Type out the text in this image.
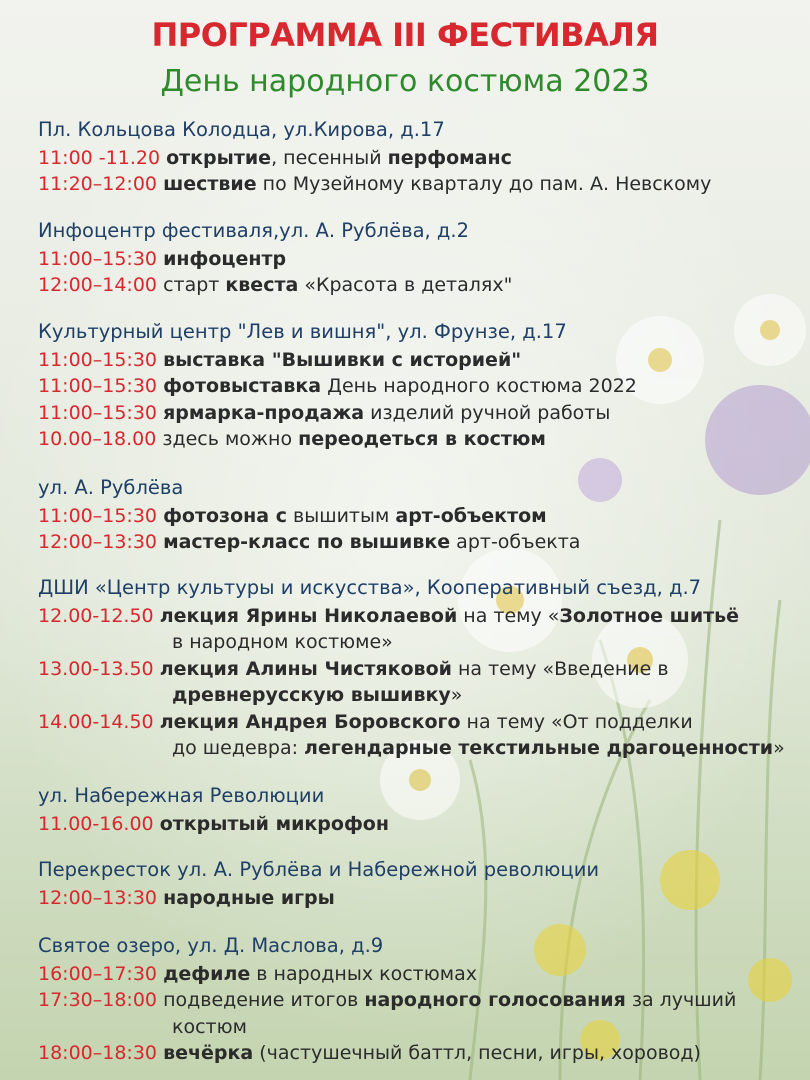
ПРОГРАММА III ФЕСТИВАЛЯ
День народного костюма 2023
Пл. Кольцова Колодца, ул.Кирова, д.17
11:00 -11.20 открытие, песенный перфоманс
11:20–12:00 шествие по Музейному кварталу до пам. А. Невскому
Инфоцентр фестиваля,ул. А. Рублёва, д.2
11:00–15:30 инфоцентр
12:00–14:00 старт квеста «Красота в деталях"
Культурный центр "Лев и вишня", ул. Фрунзе, д.17
11:00–15:30 выставка "Вышивки с историей"
11:00–15:30 фотовыставка День народного костюма 2022
11:00–15:30 ярмарка-продажа изделий ручной работы
10.00–18.00 здесь можно переодеться в костюм
ул. А. Рублёва
11:00–15:30 фотозона с вышитым арт-объектом
12:00–13:30 мастер-класс по вышивке арт-объекта
ДШИ «Центр культуры и искусства», Кооперативный съезд, д.7
12.00-12.50 лекция Ярины Николаевой на тему «Золотное шитьё
в народном костюме»
13.00-13.50 лекция Алины Чистяковой на тему «Введение в
древнерусскую вышивку»
14.00-14.50 лекция Андрея Боровского на тему «От подделки
до шедевра: легендарные текстильные драгоценности»
ул. Набережная Революции
11.00-16.00 открытый микрофон
Перекресток ул. А. Рублёва и Набережной революции
12:00–13:30 народные игры
Святое озеро, ул. Д. Маслова, д.9
16:00–17:30 дефиле в народных костюмах
17:30–18:00 подведение итогов народного голосования за лучший
костюм
18:00–18:30 вечёрка (частушечный баттл, песни, игры, хоровод)
